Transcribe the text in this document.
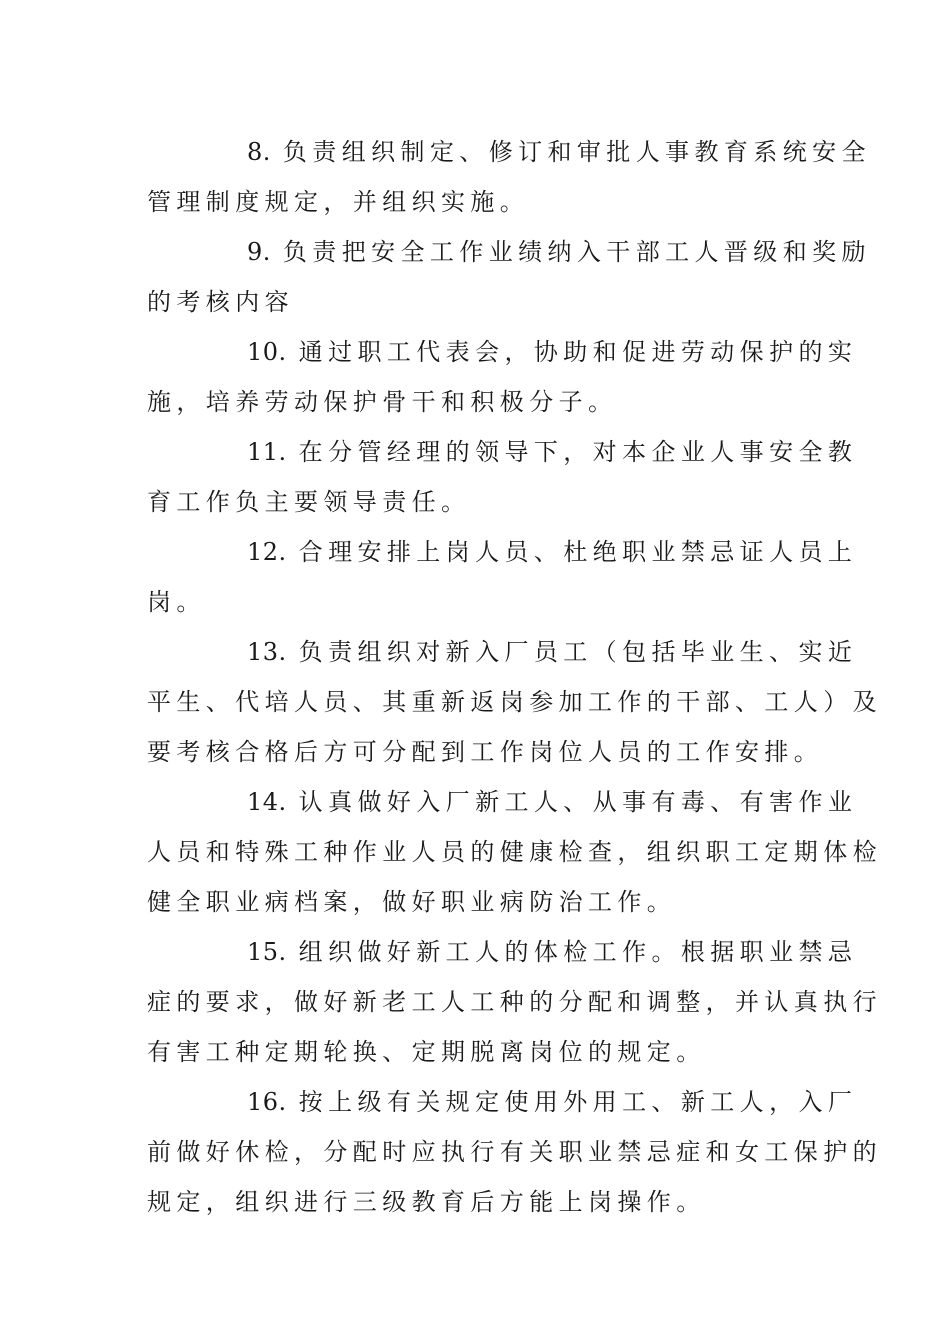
8. 负责组织制定、修订和审批人事教育系统安全
管理制度规定，并组织实施。
9. 负责把安全工作业绩纳入干部工人晋级和奖励
的考核内容
10. 通过职工代表会，协助和促进劳动保护的实
施，培养劳动保护骨干和积极分子。
11. 在分管经理的领导下，对本企业人事安全教
育工作负主要领导责任。
12. 合理安排上岗人员、杜绝职业禁忌证人员上
岗。
13. 负责组织对新入厂员工（包括毕业生、实近
平生、代培人员、其重新返岗参加工作的干部、工人）及
要考核合格后方可分配到工作岗位人员的工作安排。
14. 认真做好入厂新工人、从事有毒、有害作业
人员和特殊工种作业人员的健康检查，组织职工定期体检
健全职业病档案，做好职业病防治工作。
15. 组织做好新工人的体检工作。根据职业禁忌
症的要求，做好新老工人工种的分配和调整，并认真执行
有害工种定期轮换、定期脱离岗位的规定。
16. 按上级有关规定使用外用工、新工人，入厂
前做好休检，分配时应执行有关职业禁忌症和女工保护的
规定，组织进行三级教育后方能上岗操作。
